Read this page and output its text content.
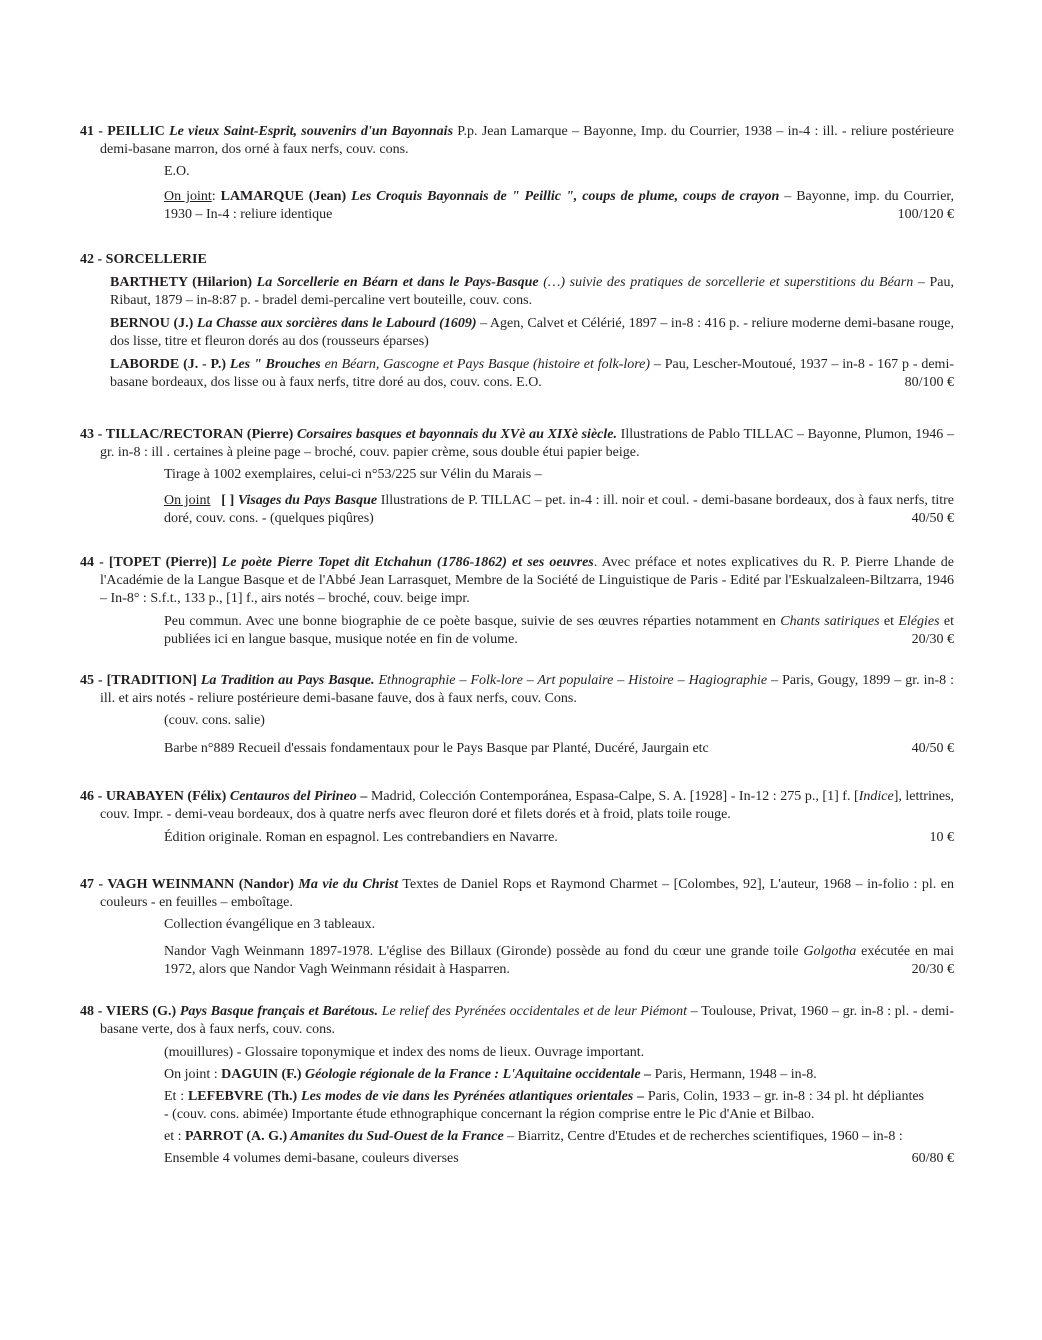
41 - PEILLIC Le vieux Saint-Esprit, souvenirs d'un Bayonnais P.p. Jean Lamarque – Bayonne, Imp. du Courrier, 1938 – in-4 : ill. - reliure postérieure demi-basane marron, dos orné à faux nerfs, couv. cons.

E.O.

On joint: LAMARQUE (Jean) Les Croquis Bayonnais de " Peillic ", coups de plume, coups de crayon – Bayonne, imp. du Courrier, 1930 – In-4 : reliure identique	100/120 €

42 - SORCELLERIE

BARTHETY (Hilarion) La Sorcellerie en Béarn et dans le Pays-Basque (…) suivie des pratiques de sorcellerie et superstitions du Béarn – Pau, Ribaut, 1879 – in-8:87 p. - bradel demi-percaline vert bouteille, couv. cons.

BERNOU (J.) La Chasse aux sorcières dans le Labourd (1609) – Agen, Calvet et Célérié, 1897 – in-8 : 416 p. - reliure moderne demi-basane rouge, dos lisse, titre et fleuron dorés au dos (rousseurs éparses)

LABORDE (J. - P.) Les " Brouches en Béarn, Gascogne et Pays Basque (histoire et folk-lore) – Pau, Lescher-Moutoué, 1937 – in-8 - 167 p - demi-basane bordeaux, dos lisse ou à faux nerfs, titre doré au dos, couv. cons. E.O.	80/100 €

43 - TILLAC/RECTORAN (Pierre) Corsaires basques et bayonnais du XVè au XIXè siècle. Illustrations de Pablo TILLAC – Bayonne, Plumon, 1946 – gr. in-8 : ill . certaines à pleine page – broché, couv. papier crème, sous double étui papier beige.

Tirage à 1002 exemplaires, celui-ci n°53/225 sur Vélin du Marais –

On joint [ ] Visages du Pays Basque Illustrations de P. TILLAC – pet. in-4 : ill. noir et coul. - demi-basane bordeaux, dos à faux nerfs, titre doré, couv. cons. - (quelques piqûres)	40/50 €

44 - [TOPET (Pierre)] Le poète Pierre Topet dit Etchahun (1786-1862) et ses oeuvres. Avec préface et notes explicatives du R. P. Pierre Lhande de l'Académie de la Langue Basque et de l'Abbé Jean Larrasquet, Membre de la Société de Linguistique de Paris - Edité par l'Eskualzaleen-Biltzarra, 1946 – In-8° : S.f.t., 133 p., [1] f., airs notés – broché, couv. beige impr.

Peu commun. Avec une bonne biographie de ce poète basque, suivie de ses œuvres réparties notamment en Chants satiriques et Elégies et publiées ici en langue basque, musique notée en fin de volume.	20/30 €

45 - [TRADITION] La Tradition au Pays Basque. Ethnographie – Folk-lore – Art populaire – Histoire – Hagiographie – Paris, Gougy, 1899 – gr. in-8 : ill. et airs notés - reliure postérieure demi-basane fauve, dos à faux nerfs, couv. Cons.

(couv. cons. salie)

Barbe n°889 Recueil d'essais fondamentaux pour le Pays Basque par Planté, Ducéré, Jaurgain etc	40/50 €

46 - URABAYEN (Félix) Centauros del Pirineo – Madrid, Colección Contemporánea, Espasa-Calpe, S. A. [1928] - In-12 : 275 p., [1] f. [Indice], lettrines, couv. Impr. - demi-veau bordeaux, dos à quatre nerfs avec fleuron doré et filets dorés et à froid, plats toile rouge.

Édition originale. Roman en espagnol. Les contrebandiers en Navarre.	10 €

47 - VAGH WEINMANN (Nandor) Ma vie du Christ Textes de Daniel Rops et Raymond Charmet – [Colombes, 92], L'auteur, 1968 – in-folio : pl. en couleurs - en feuilles – emboîtage.

Collection évangélique en 3 tableaux.

Nandor Vagh Weinmann 1897-1978. L'église des Billaux (Gironde) possède au fond du cœur une grande toile Golgotha exécutée en mai 1972, alors que Nandor Vagh Weinmann résidait à Hasparren.	20/30 €

48 - VIERS (G.) Pays Basque français et Barétous. Le relief des Pyrénées occidentales et de leur Piémont – Toulouse, Privat, 1960 – gr. in-8 : pl. - demi-basane verte, dos à faux nerfs, couv. cons.

(mouillures) - Glossaire toponymique et index des noms de lieux. Ouvrage important.

On joint : DAGUIN (F.) Géologie régionale de la France : L'Aquitaine occidentale – Paris, Hermann, 1948 – in-8.

Et : LEFEBVRE (Th.) Les modes de vie dans les Pyrénées atlantiques orientales – Paris, Colin, 1933 – gr. in-8 : 34 pl. ht dépliantes - (couv. cons. abimée) Importante étude ethnographique concernant la région comprise entre le Pic d'Anie et Bilbao.

et : PARROT (A. G.) Amanites du Sud-Ouest de la France – Biarritz, Centre d'Etudes et de recherches scientifiques, 1960 – in-8 :

Ensemble 4 volumes demi-basane, couleurs diverses	60/80 €
